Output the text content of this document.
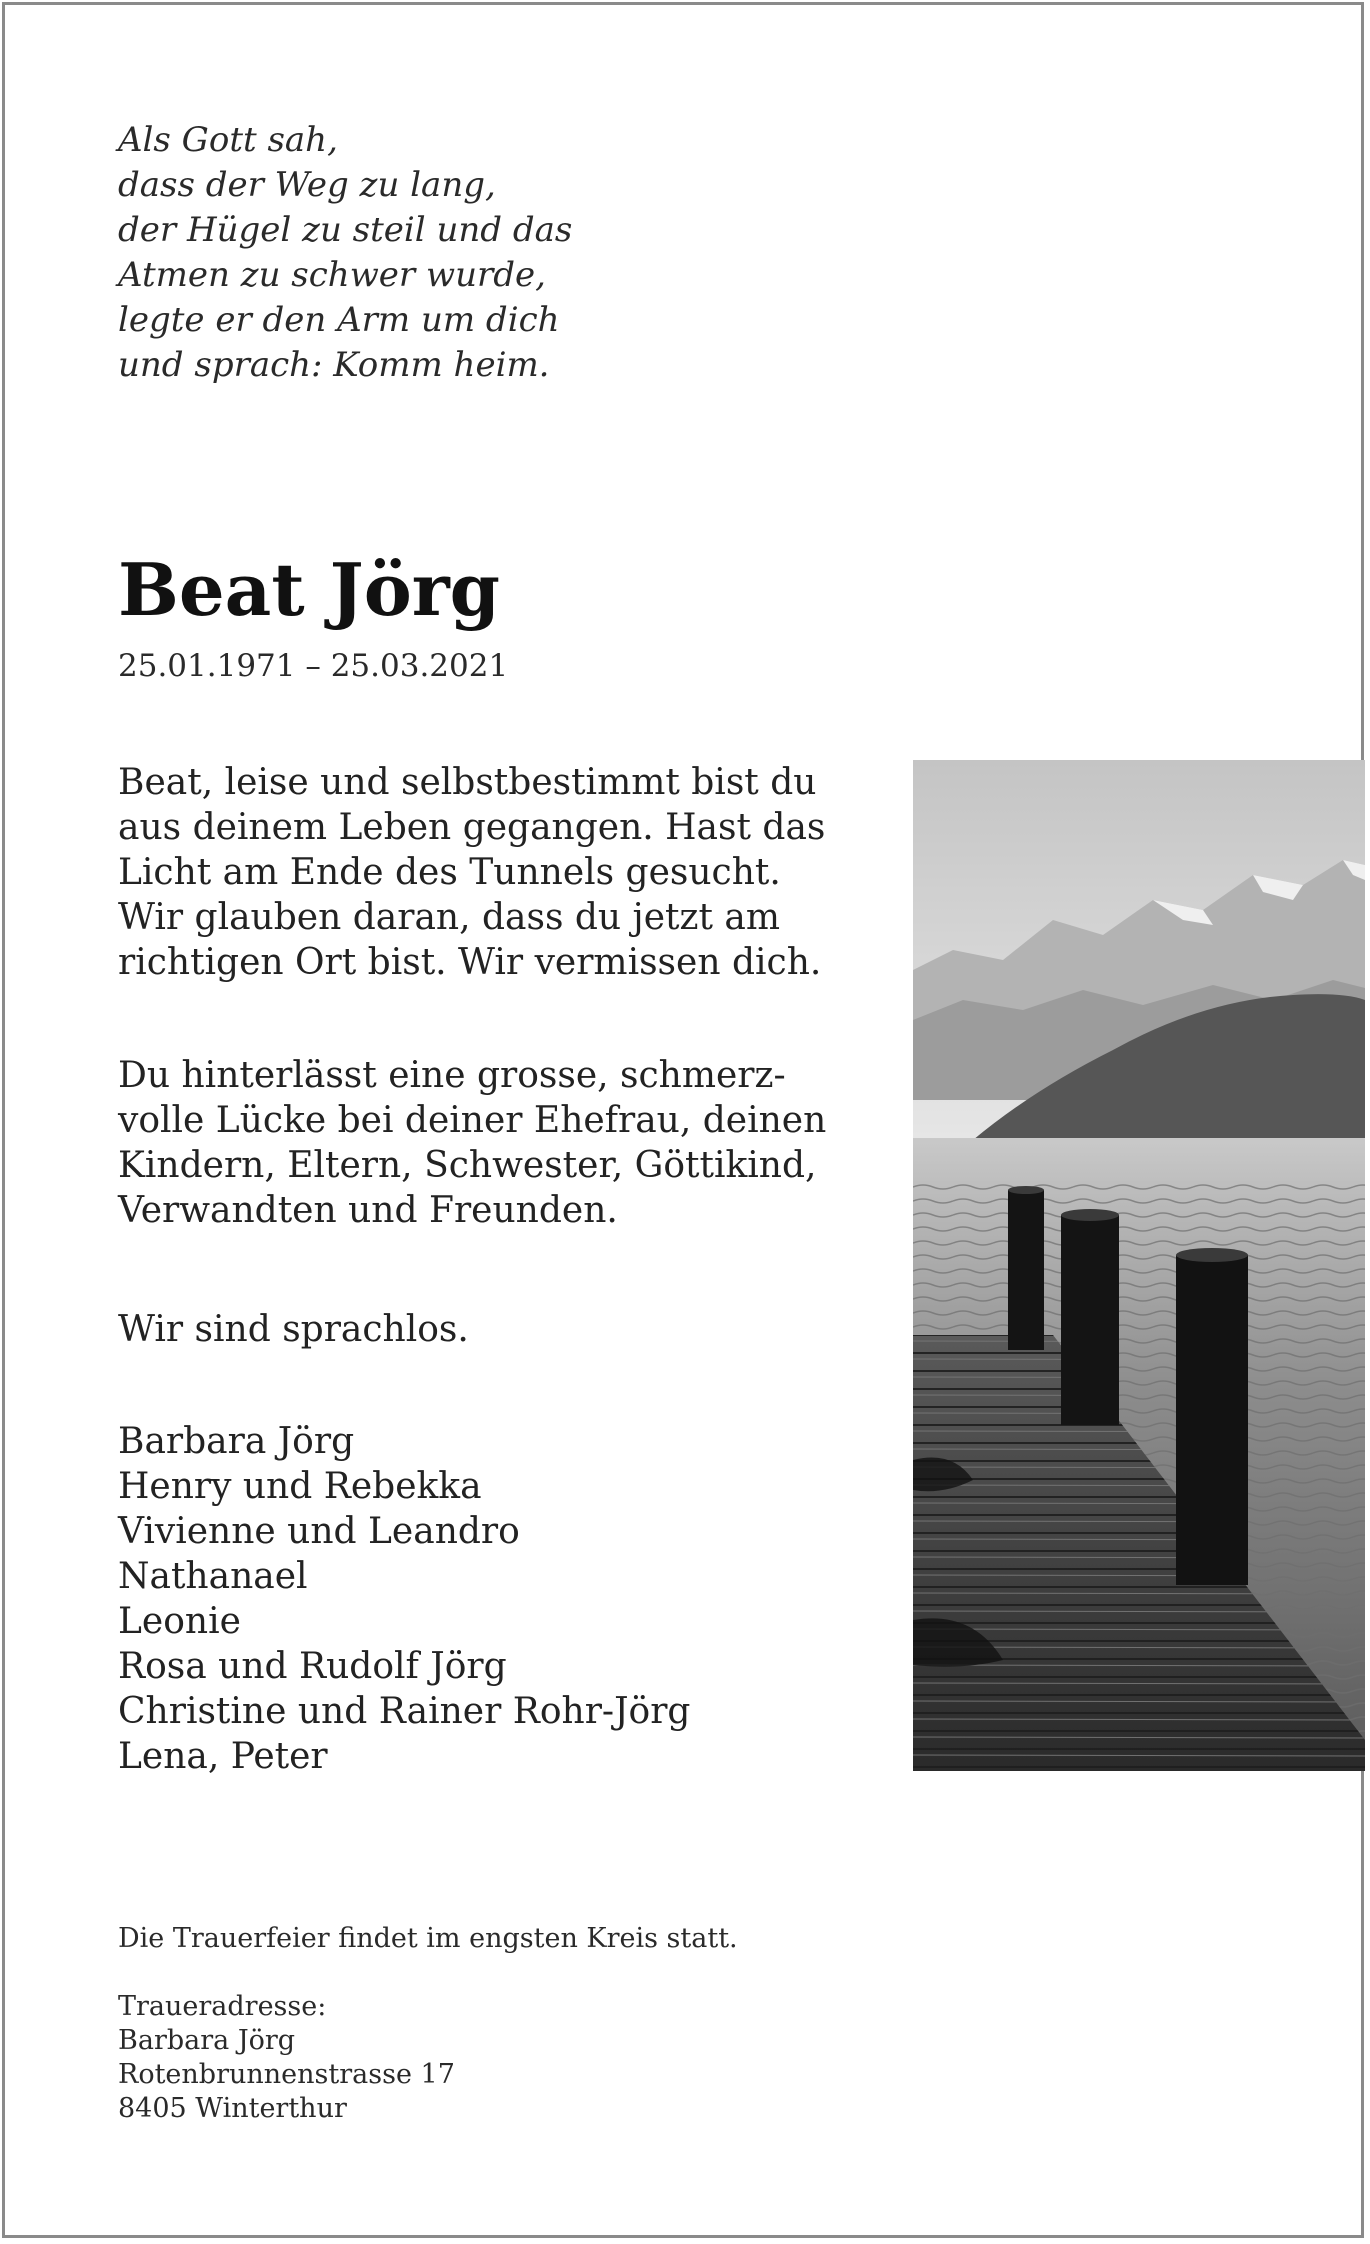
Als Gott sah,
dass der Weg zu lang,
der Hügel zu steil und das
Atmen zu schwer wurde,
legte er den Arm um dich
und sprach: Komm heim.
Beat Jörg
25.01.1971 – 25.03.2021
Beat, leise und selbstbestimmt bist du
aus deinem Leben gegangen. Hast das
Licht am Ende des Tunnels gesucht.
Wir glauben daran, dass du jetzt am
richtigen Ort bist. Wir vermissen dich.
Du hinterlässt eine grosse, schmerz-
volle Lücke bei deiner Ehefrau, deinen
Kindern, Eltern, Schwester, Göttikind,
Verwandten und Freunden.
Wir sind sprachlos.
Barbara Jörg
Henry und Rebekka
Vivienne und Leandro
Nathanael
Leonie
Rosa und Rudolf Jörg
Christine und Rainer Rohr-Jörg
Lena, Peter
Die Trauerfeier findet im engsten Kreis statt.
Traueradresse:
Barbara Jörg
Rotenbrunnenstrasse 17
8405 Winterthur
